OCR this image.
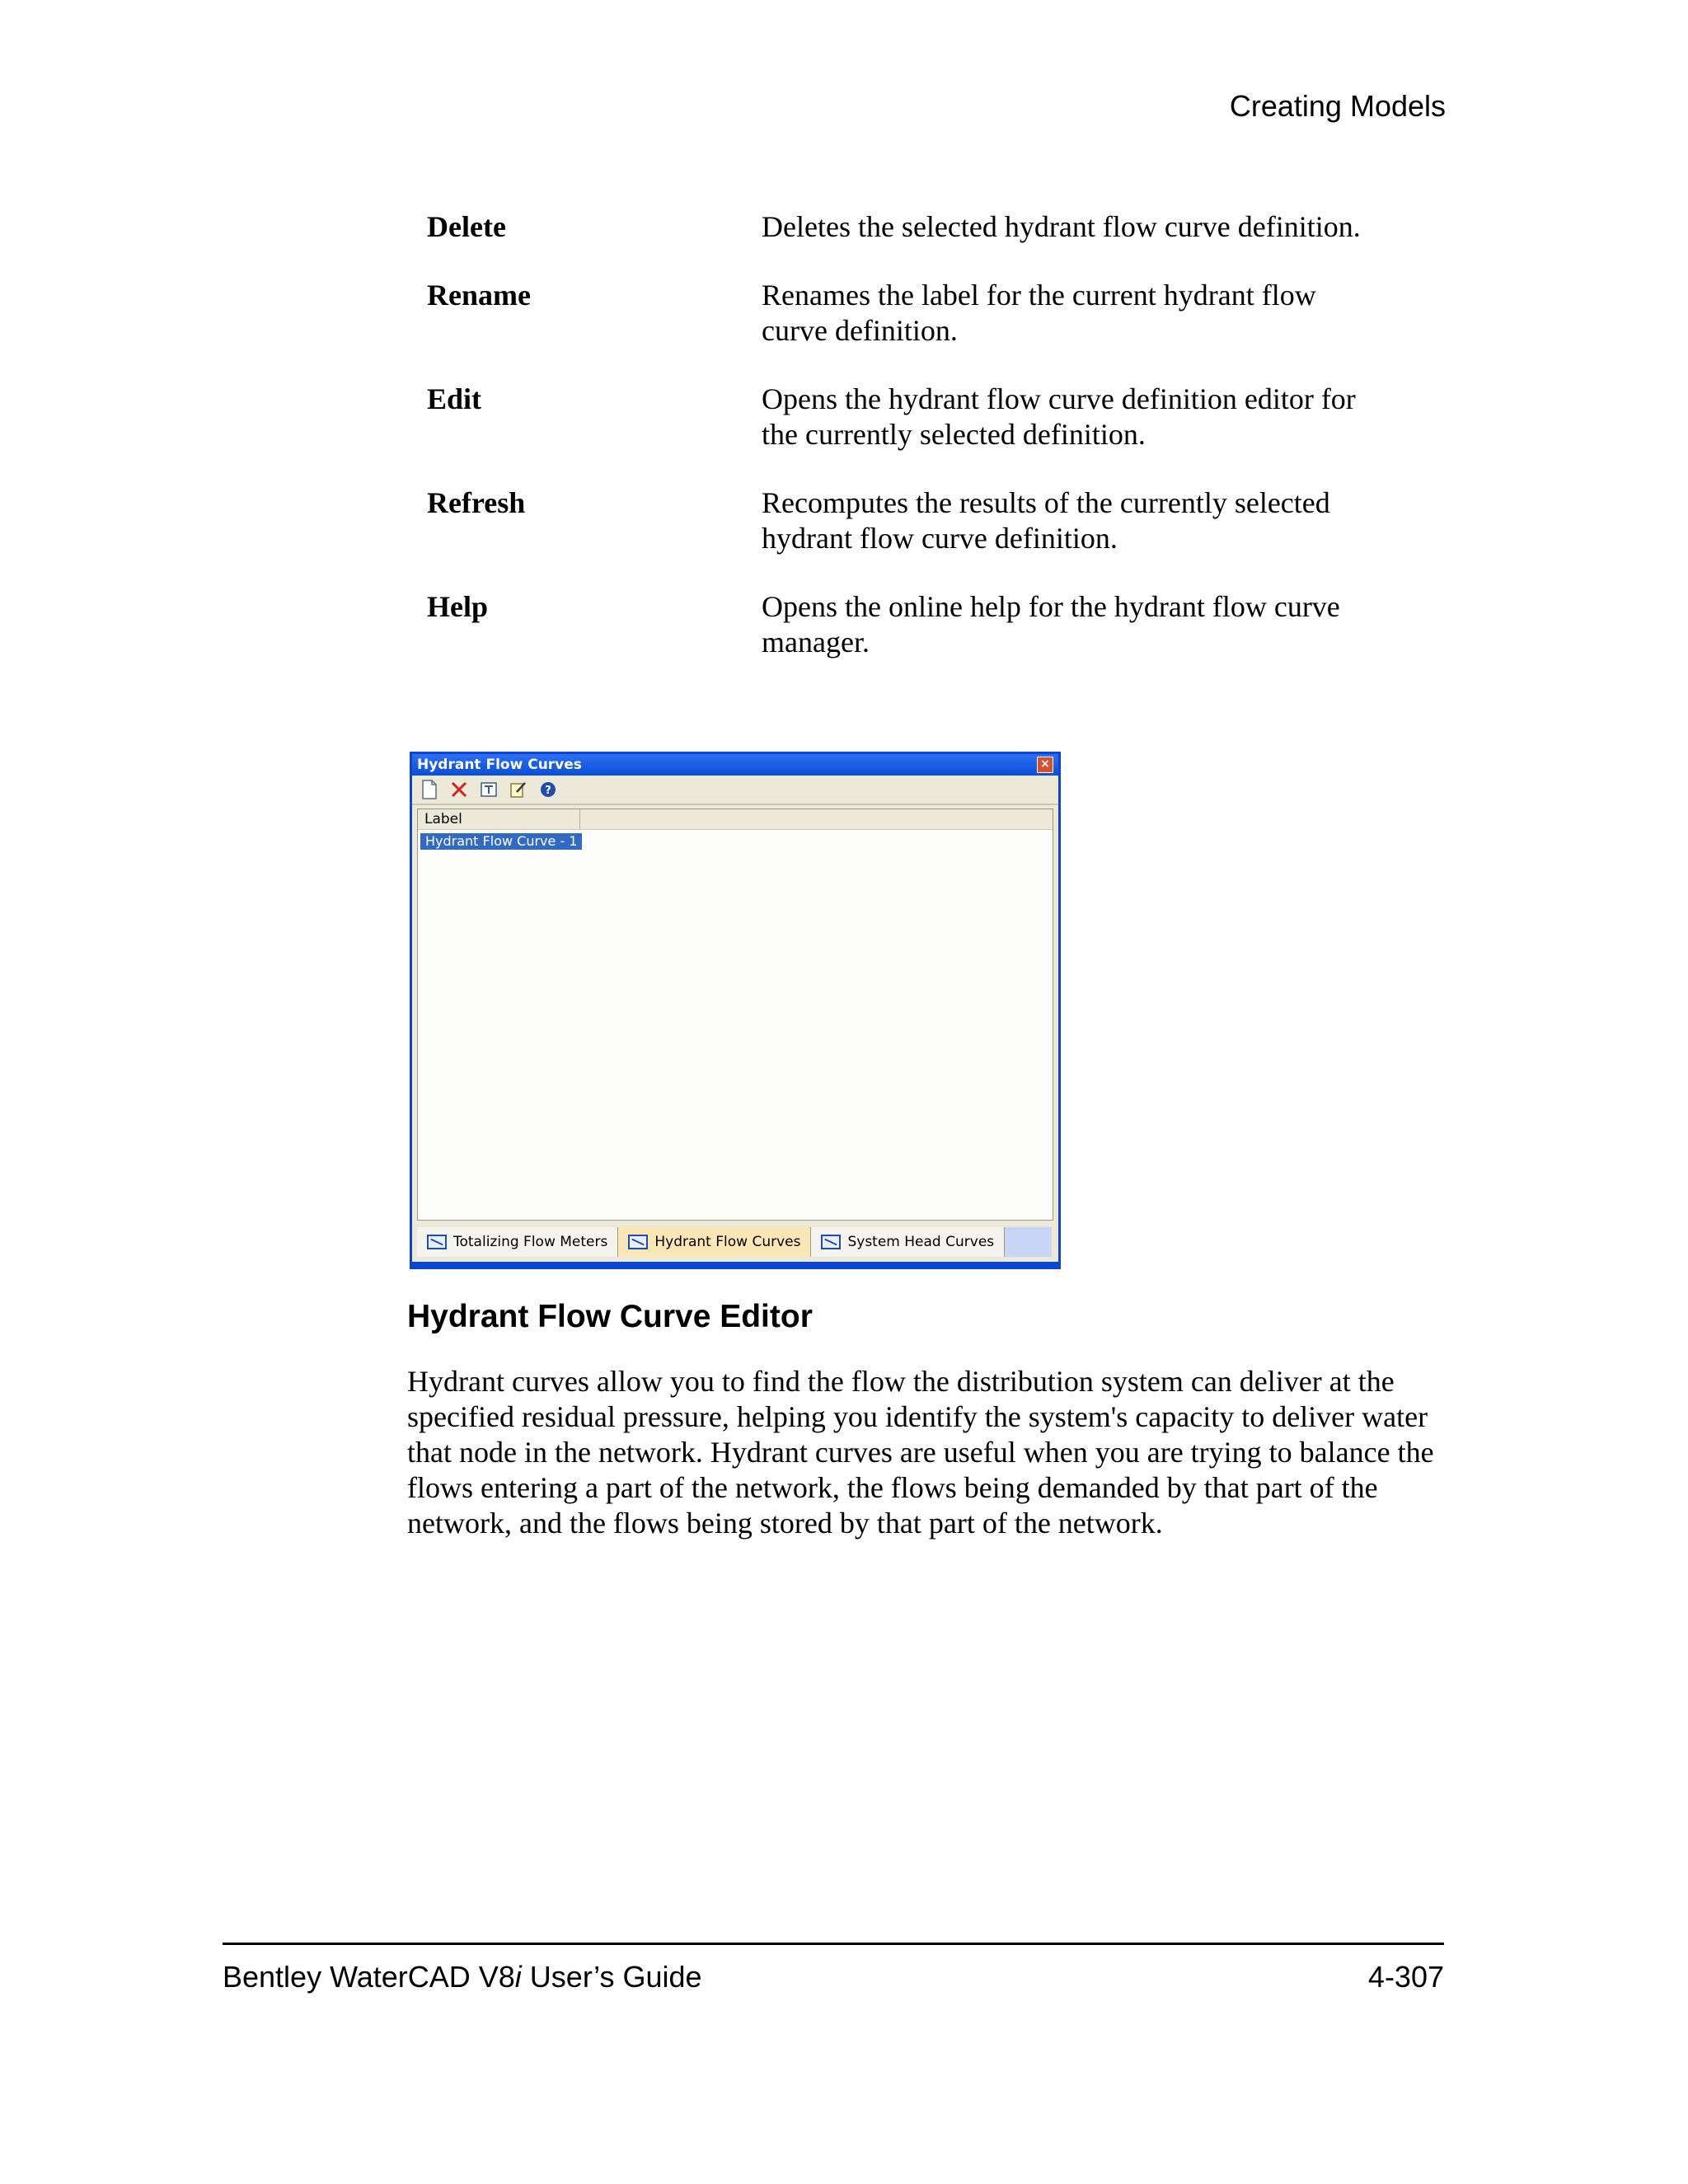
Creating Models
Delete	Deletes the selected hydrant flow curve definition.
Rename	Renames the label for the current hydrant flow curve definition.
Edit	Opens the hydrant flow curve definition editor for the currently selected definition.
Refresh	Recomputes the results of the currently selected hydrant flow curve definition.
Help	Opens the online help for the hydrant flow curve manager.
Hydrant Flow Curves	×
?
Label
Hydrant Flow Curve - 1
Totalizing Flow Meters	Hydrant Flow Curves	System Head Curves
Hydrant Flow Curve Editor
Hydrant curves allow you to find the flow the distribution system can deliver at the specified residual pressure, helping you identify the system's capacity to deliver water that node in the network. Hydrant curves are useful when you are trying to balance the flows entering a part of the network, the flows being demanded by that part of the network, and the flows being stored by that part of the network.
Bentley WaterCAD V8i User’s Guide	4-307
